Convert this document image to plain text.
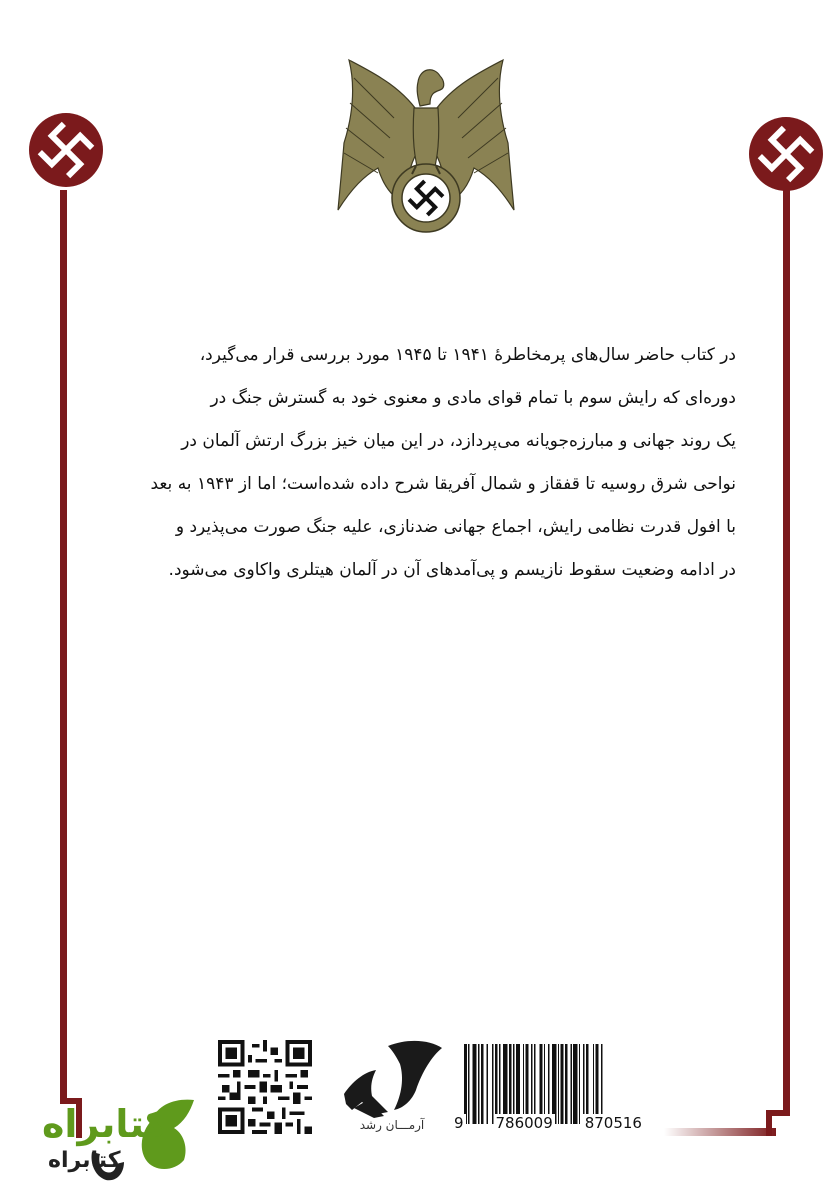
در کتاب حاضر سال‌های پرمخاطرهٔ ۱۹۴۱ تا ۱۹۴۵ مورد بررسی قرار می‌گیرد،
دوره‌ای که رایش سوم با تمام قوای مادی و معنوی خود به گسترش جنگ در
یک روند جهانی و مبارزه‌جویانه می‌پردازد، در این میان خیز بزرگ ارتش آلمان در
نواحی شرق روسیه تا قفقاز و شمال آفریقا شرح داده شده‌است؛ اما از ۱۹۴۳ به بعد
با افول قدرت نظامی رایش، اجماع جهانی ضدنازی، علیه جنگ صورت می‌پذیرد و
در ادامه وضعیت سقوط نازیسم و پی‌آمدهای آن در آلمان هیتلری واکاوی می‌شود.
آرمـــان رشد	9 786009 870516
کتابراه
کتابراه
